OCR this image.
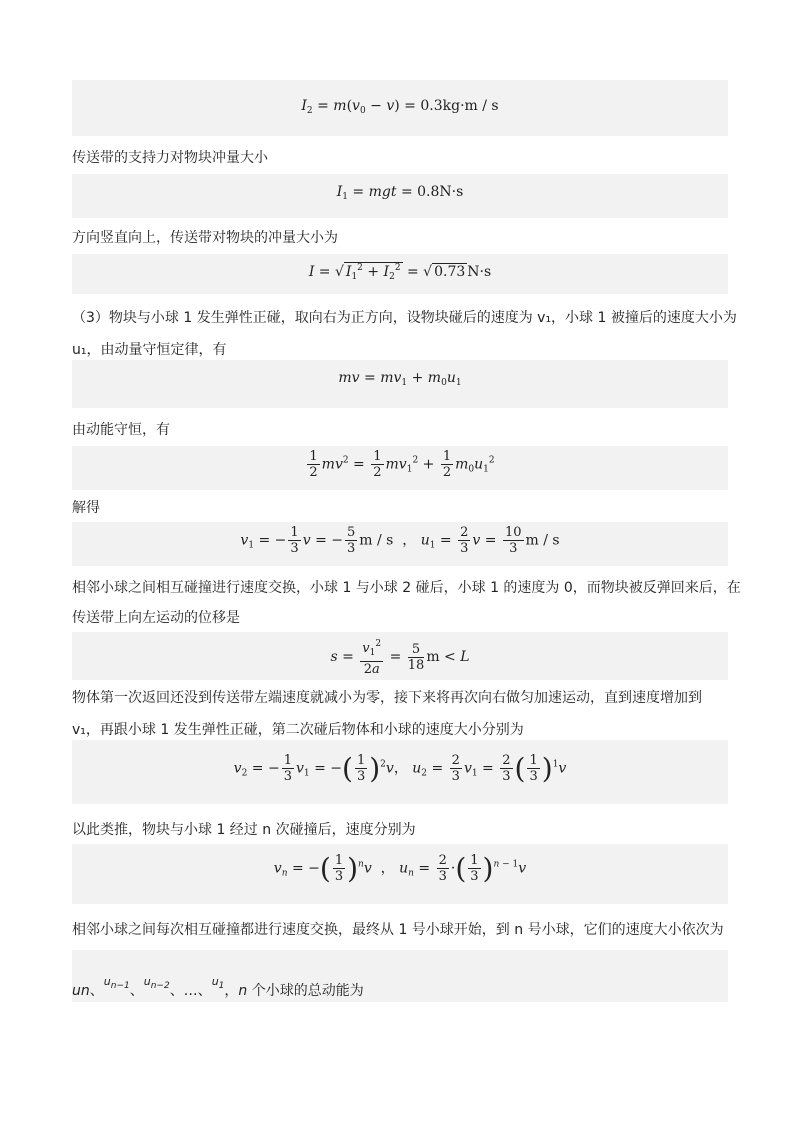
$I_2 = m(v_0 - v) = 0.3kg\cdot m / s$
传送带的支持力对物块冲量大小
$I_1$ = mgt = 0.8N·s
方向竖直向上，传送带对物块的冲量大小为
I = √ $I_1^2 + I_2^2$ = √ 0.73 N·s
（3）物块与小球 1 发生弹性正碰，取向右为正方向，设物块碰后的速度为 v₁，小球 1 被撞后的速度大小为
u₁，由动量守恒定律，有
mv = $mv_1 + m_0u_1$
由动能守恒，有
$\frac{1}{2} mv^2 = \frac{1}{2} mv_1^2 + \frac{1}{2} m_0u_1^2$
解得
$v_1$ = − $\frac{1}{3}$ v = − $\frac{5}{3}$ m / s  ， $u_1 = \frac{2}{3}$ $v = \frac{10}{3}$ m / s
相邻小球之间相互碰撞进行速度交换，小球 1 与小球 2 碰后，小球 1 的速度为 0，而物块被反弹回来后，在
传送带上向左运动的位移是
$s = \frac{v_1^2}{2a} = \frac{5}{18}$ m < L
物体第一次返回还没到传送带左端速度就减小为零，接下来将再次向右做匀加速运动，直到速度增加到
v₁，再跟小球 1 发生弹性正碰，第二次碰后物体和小球的速度大小分别为
$v_2$ = − $\frac{1}{3} v_1$ = −( $\frac{1}{3} )^2v$， $u_2 = \frac{2}{3} v_1 = \frac{2}{3}$ ( $\frac{1}{3} )^1v$
以此类推，物块与小球 1 经过 n 次碰撞后，速度分别为
$v_n$ = −( $\frac{1}{3} )^nv$  ， $u_n = \frac{2}{3}$ ·( $\frac{1}{3} )^{n - 1}v$
相邻小球之间每次相互碰撞都进行速度交换，最终从 1 号小球开始，到 n 号小球，它们的速度大小依次为
un、$u_{n-1}$、$u_{n-2}$、…、$u_1$，n 个小球的总动能为
